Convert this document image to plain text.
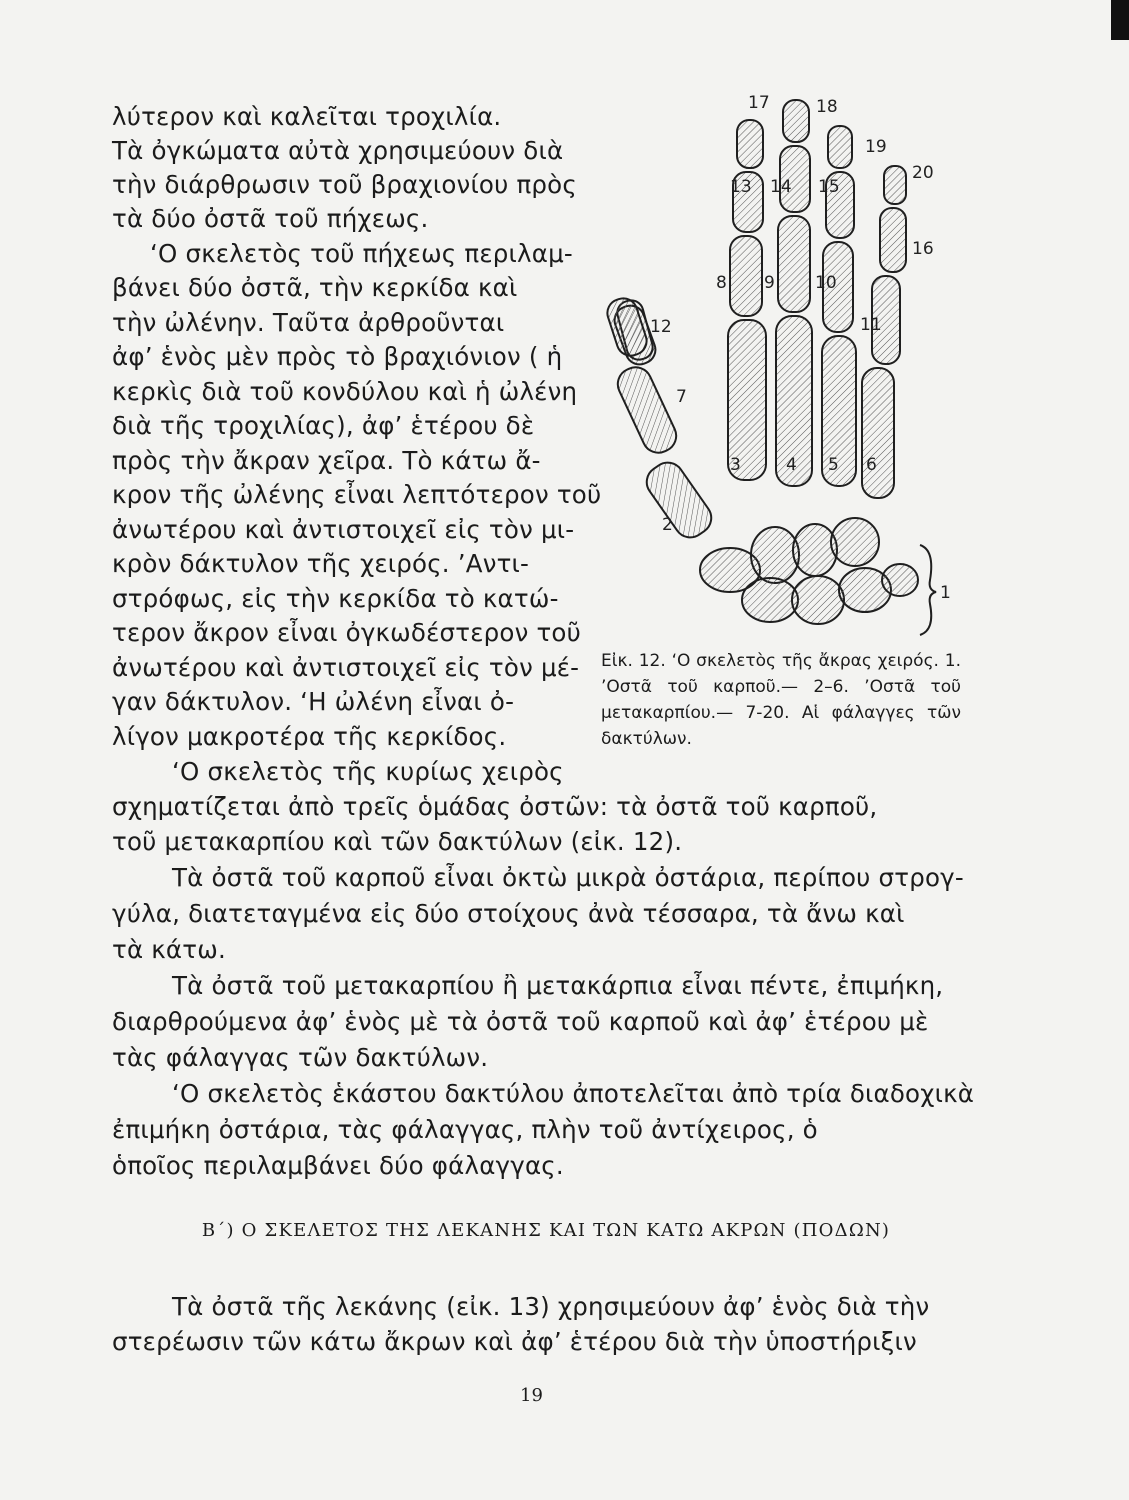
λύτερον καὶ καλεῖται τροχιλία.

Τὰ ὀγκώματα αὐτὰ χρησιμεύουν διὰ

τὴν διάρθρωσιν τοῦ βραχιονίου πρὸς

τὰ δύο ὀστᾶ τοῦ πήχεως.

‘Ο σκελετὸς τοῦ πήχεως περιλαμ-

βάνει δύο ὀστᾶ, τὴν κερκίδα καὶ

τὴν ὠλένην. Ταῦτα ἀρθροῦνται

ἀφ’ ἑνὸς μὲν πρὸς τὸ βραχιόνιον ( ἡ

κερκὶς διὰ τοῦ κονδύλου καὶ ἡ ὠλένη

διὰ τῆς τροχιλίας), ἀφ’ ἑτέρου δὲ

πρὸς τὴν ἄκραν χεῖρα. Τὸ κάτω ἄ-

κρον τῆς ὠλένης εἶναι λεπτότερον τοῦ

ἀνωτέρου καὶ ἀντιστοιχεῖ εἰς τὸν μι-

κρὸν δάκτυλον τῆς χειρός. ’Αντι-

στρόφως, εἰς τὴν κερκίδα τὸ κατώ-

τερον ἄκρον εἶναι ὀγκωδέστερον τοῦ

ἀνωτέρου καὶ ἀντιστοιχεῖ εἰς τὸν μέ-

γαν δάκτυλον. ‘Η ὠλένη εἶναι ὀ-

λίγον μακροτέρα τῆς κερκίδος.

‘Ο σκελετὸς τῆς κυρίως χειρὸς

σχηματίζεται ἀπὸ τρεῖς ὁμάδας ὀστῶν: τὰ ὀστᾶ τοῦ καρποῦ,

τοῦ μετακαρπίου καὶ τῶν δακτύλων (εἰκ. 12).

Τὰ ὀστᾶ τοῦ καρποῦ εἶναι ὀκτὼ μικρὰ ὀστάρια, περίπου στρογ-

γύλα, διατεταγμένα εἰς δύο στοίχους ἀνὰ τέσσαρα, τὰ ἄνω καὶ

τὰ κάτω.

Τὰ ὀστᾶ τοῦ μετακαρπίου ἢ μετακάρπια εἶναι πέντε, ἐπιμήκη,

διαρθρούμενα ἀφ’ ἑνὸς μὲ τὰ ὀστᾶ τοῦ καρποῦ καὶ ἀφ’ ἑτέρου μὲ

τὰς φάλαγγας τῶν δακτύλων.

‘Ο σκελετὸς ἑκάστου δακτύλου ἀποτελεῖται ἀπὸ τρία διαδοχικὰ

ἐπιμήκη ὀστάρια, τὰς φάλαγγας, πλὴν τοῦ ἀντίχειρος, ὁ

ὁποῖος περιλαμβάνει δύο φάλαγγας.

1
2
3	4 5 6
7
8 9 10
11
12
13 14 15
16
17	18
19
20

Εἰκ. 12. ‘Ο σκελετὸς τῆς ἄκρας χειρός. 1. ’Οστᾶ τοῦ καρποῦ.— 2–6. ’Οστᾶ τοῦ μετακαρπίου.— 7-20. Αἱ φάλαγγες τῶν δακτύλων.

Β΄) Ο ΣΚΕΛΕΤΟΣ ΤΗΣ ΛΕΚΑΝΗΣ ΚΑΙ ΤΩΝ ΚΑΤΩ ΑΚΡΩΝ (ΠΟΔΩΝ)

Τὰ ὀστᾶ τῆς λεκάνης (εἰκ. 13) χρησιμεύουν ἀφ’ ἑνὸς διὰ τὴν

στερέωσιν τῶν κάτω ἄκρων καὶ ἀφ’ ἑτέρου διὰ τὴν ὑποστήριξιν

19
